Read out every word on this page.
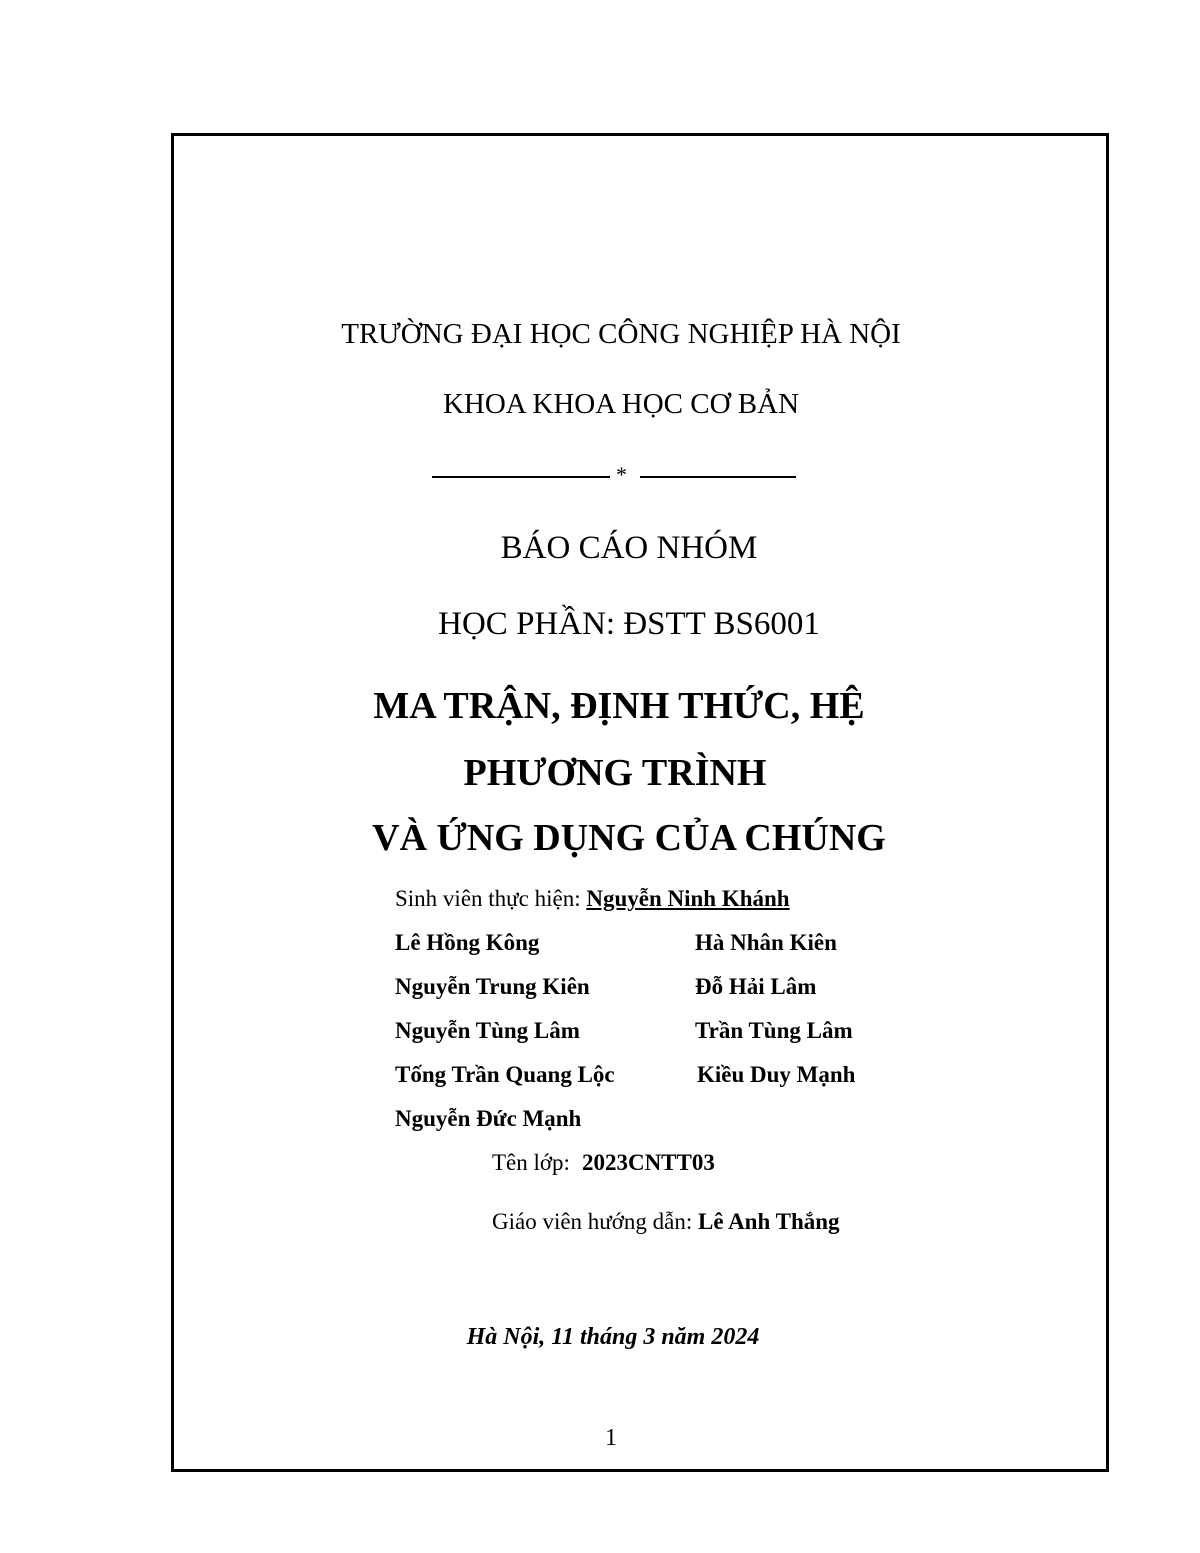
TRƯỜNG ĐẠI HỌC CÔNG NGHIỆP HÀ NỘI
KHOA KHOA HỌC CƠ BẢN
*
BÁO CÁO NHÓM
HỌC PHẦN: ĐSTT BS6001
MA TRẬN, ĐỊNH THỨC, HỆ
PHƯƠNG TRÌNH
VÀ ỨNG DỤNG CỦA CHÚNG
Sinh viên thực hiện: Nguyễn Ninh Khánh
Lê Hồng Kông	Hà Nhân Kiên
Nguyễn Trung Kiên	Đỗ Hải Lâm
Nguyễn Tùng Lâm	Trần Tùng Lâm
Tống Trần Quang Lộc	Kiều Duy Mạnh
Nguyễn Đức Mạnh
Tên lớp: 2023CNTT03
Giáo viên hướng dẫn: Lê Anh Thắng
Hà Nội, 11 tháng 3 năm 2024
1
